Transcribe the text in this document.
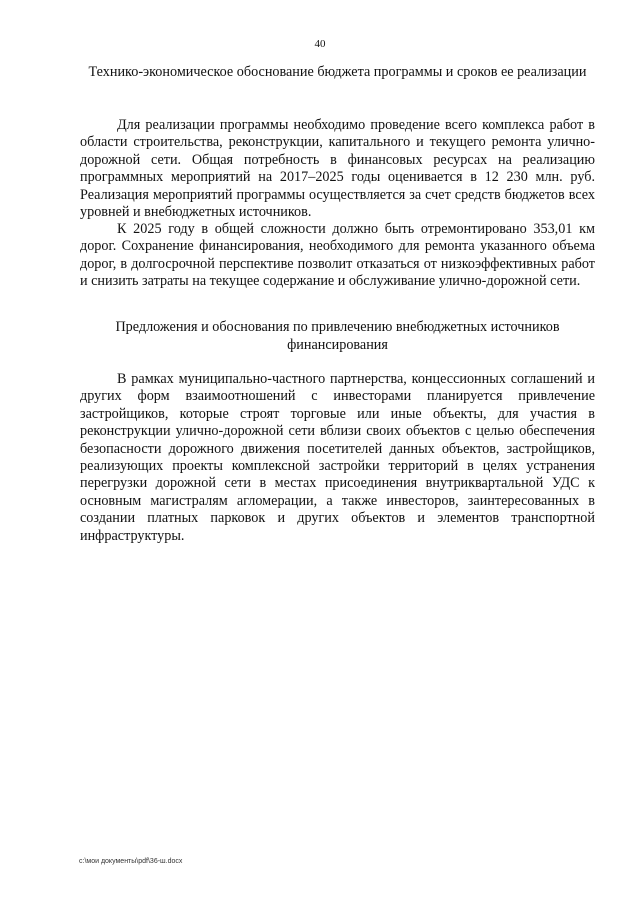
40
Технико-экономическое обоснование бюджета программы и сроков ее реализации

Для реализации программы необходимо проведение всего комплекса работ в области строительства, реконструкции, капитального и текущего ремонта улично-дорожной сети. Общая потребность в финансовых ресурсах на реализацию программных мероприятий на 2017–2025 годы оценивается в 12 230 млн. руб. Реализация мероприятий программы осуществляется за счет средств бюджетов всех уровней и внебюджетных источников.

К 2025 году в общей сложности должно быть отремонтировано 353,01 км дорог. Сохранение финансирования, необходимого для ремонта указанного объема дорог, в долгосрочной перспективе позволит отказаться от низкоэффективных работ и снизить затраты на текущее содержание и обслуживание улично-дорожной сети.

Предложения и обоснования по привлечению внебюджетных источников финансирования

В рамках муниципально-частного партнерства, концессионных соглашений и других форм взаимоотношений с инвесторами планируется привлечение застройщиков, которые строят торговые или иные объекты, для участия в реконструкции улично-дорожной сети вблизи своих объектов с целью обеспечения безопасности дорожного движения посетителей данных объектов, застройщиков, реализующих проекты комплексной застройки территорий в целях устранения перегрузки дорожной сети в местах присоединения внутриквартальной УДС к основным магистралям агломерации, а также инвесторов, заинтересованных в создании платных парковок и других объектов и элементов транспортной инфраструктуры.

c:\мои документы\pdf\36-ш.docx
